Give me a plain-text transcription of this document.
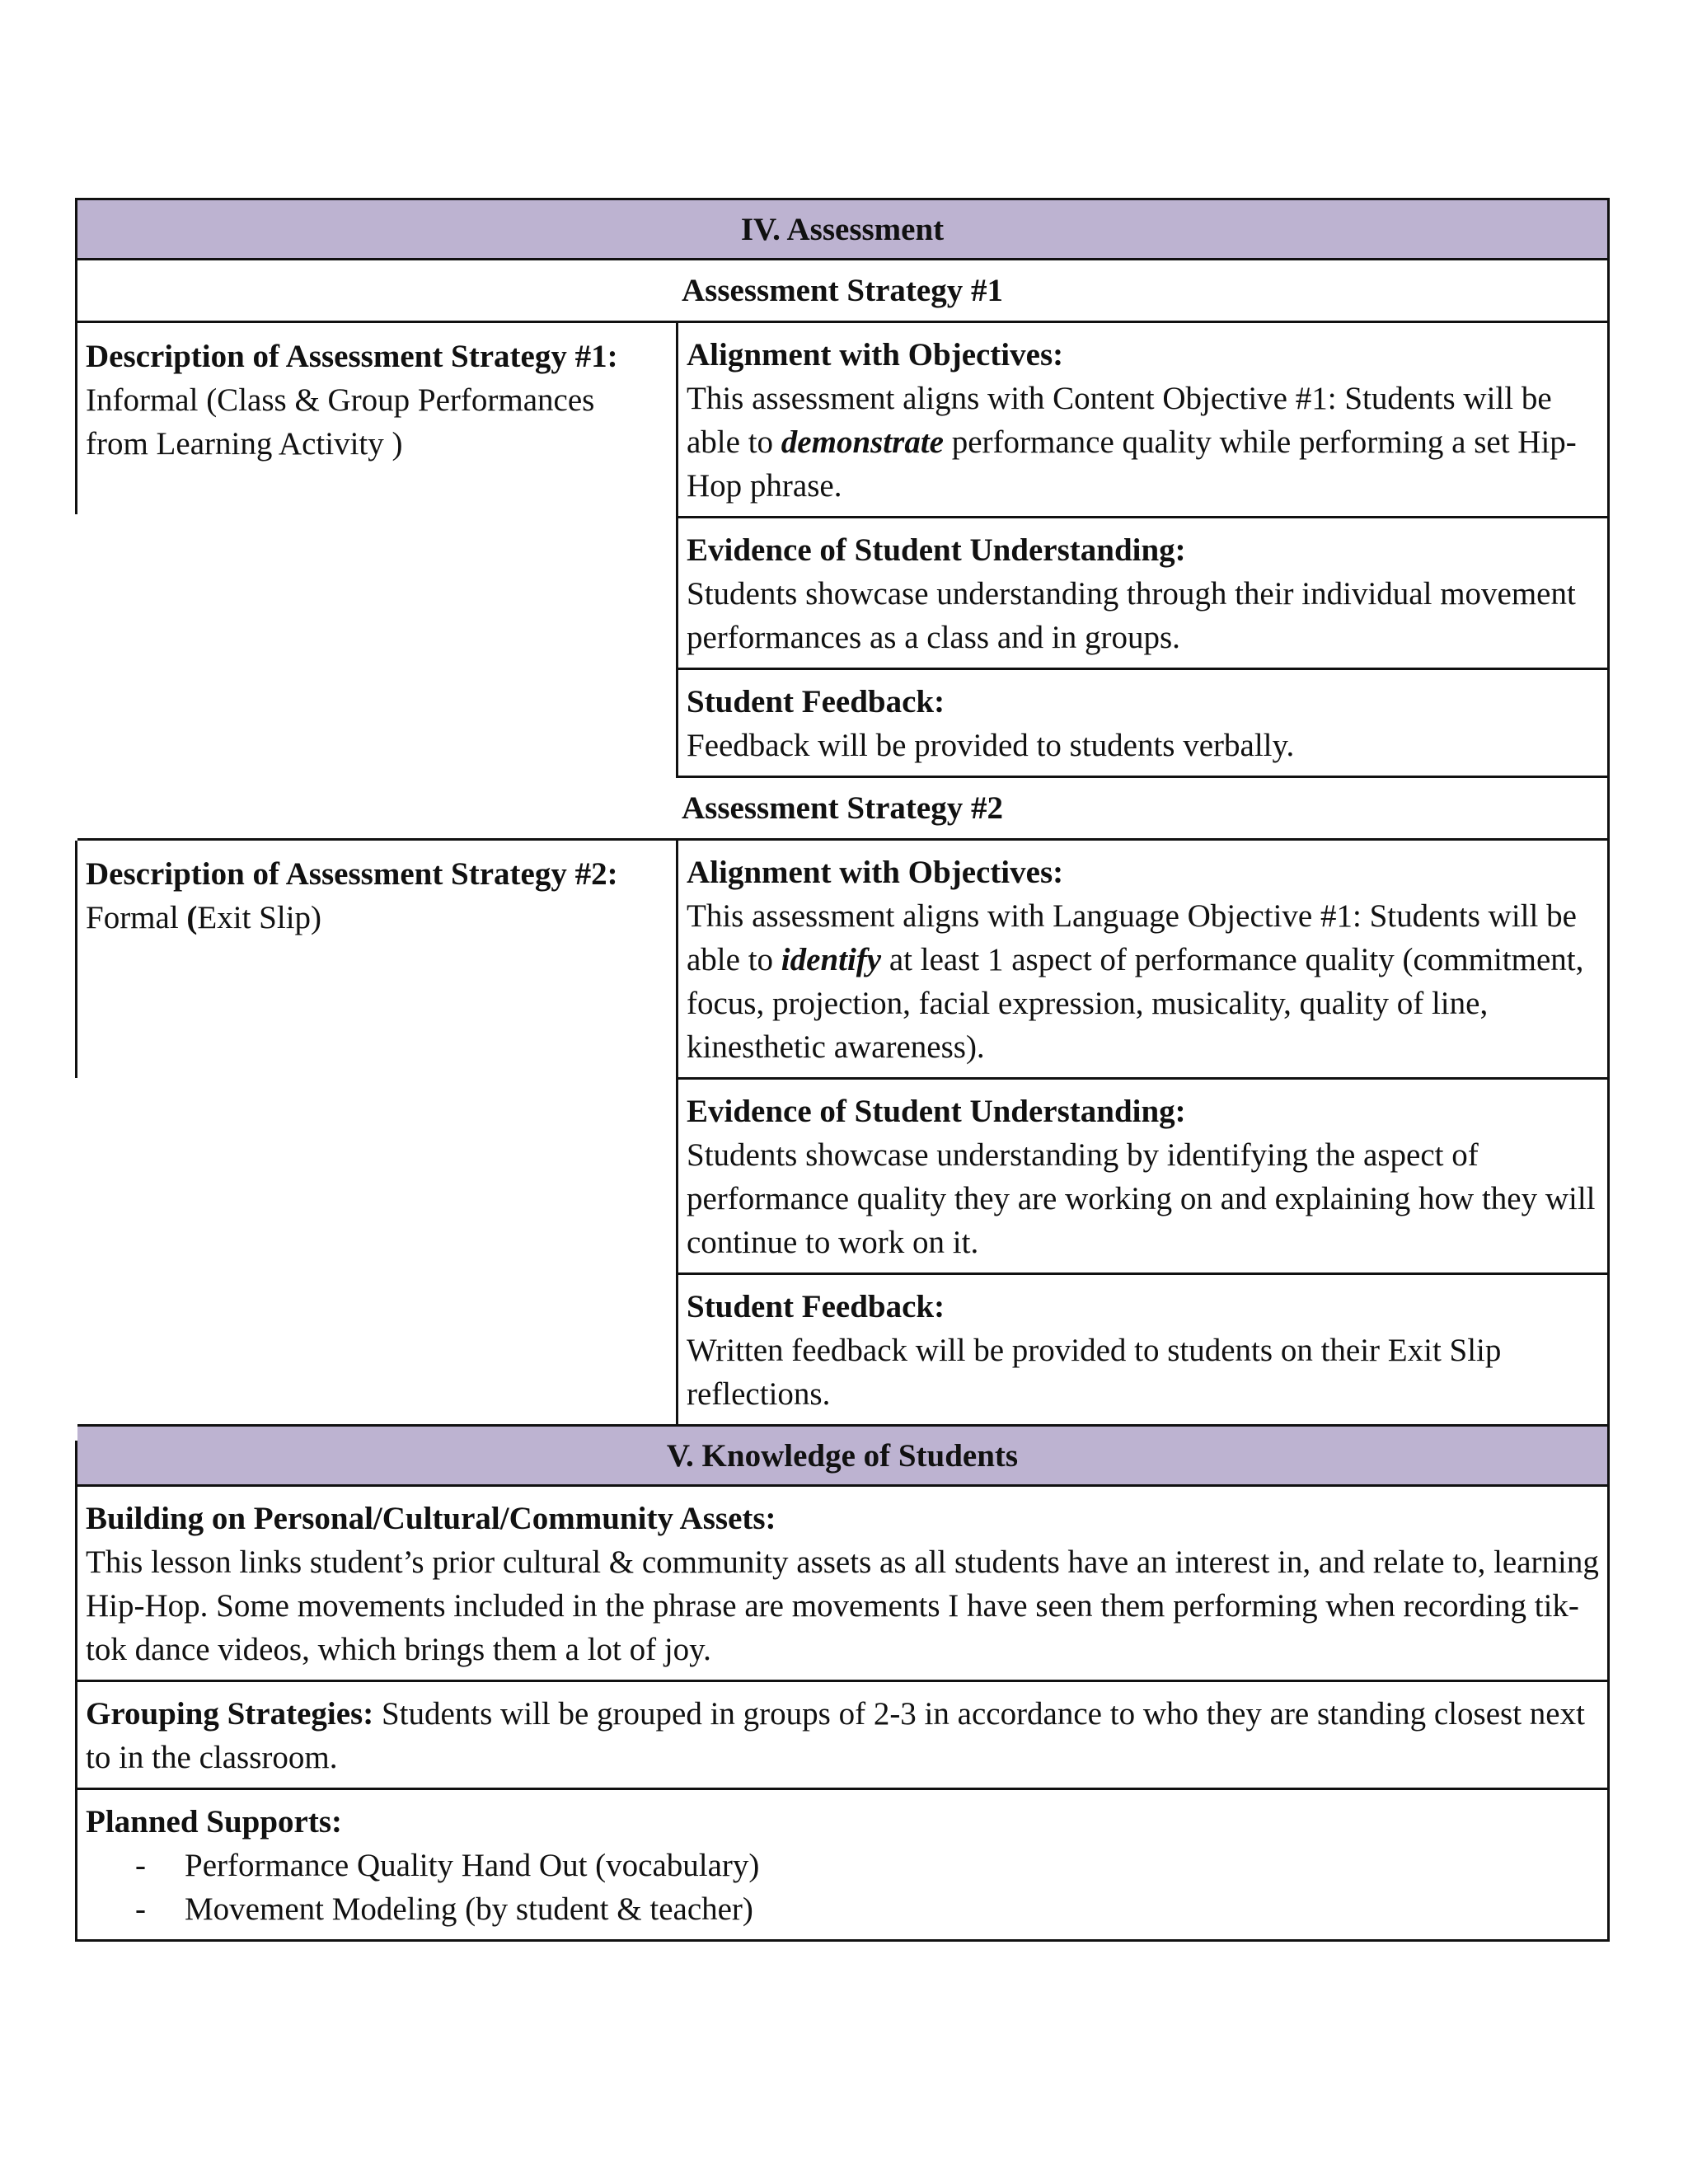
IV. Assessment
Assessment Strategy #1
Description of Assessment Strategy #1:
Informal (Class & Group Performances from Learning Activity )
Alignment with Objectives:
This assessment aligns with Content Objective #1: Students will be able to demonstrate performance quality while performing a set Hip-Hop phrase.
Evidence of Student Understanding:
Students showcase understanding through their individual movement performances as a class and in groups.
Student Feedback:
Feedback will be provided to students verbally.
Assessment Strategy #2
Description of Assessment Strategy #2:
Formal (Exit Slip)
Alignment with Objectives:
This assessment aligns with Language Objective #1: Students will be able to identify at least 1 aspect of performance quality (commitment, focus, projection, facial expression, musicality, quality of line, kinesthetic awareness).
Evidence of Student Understanding:
Students showcase understanding by identifying the aspect of performance quality they are working on and explaining how they will continue to work on it.
Student Feedback:
Written feedback will be provided to students on their Exit Slip reflections.
V. Knowledge of Students
Building on Personal/Cultural/Community Assets:
This lesson links student’s prior cultural & community assets as all students have an interest in, and relate to, learning Hip-Hop. Some movements included in the phrase are movements I have seen them performing when recording tik-tok dance videos, which brings them a lot of joy.
Grouping Strategies: Students will be grouped in groups of 2-3 in accordance to who they are standing closest next to in the classroom.
Planned Supports:
-	Performance Quality Hand Out (vocabulary)
-	Movement Modeling (by student & teacher)
